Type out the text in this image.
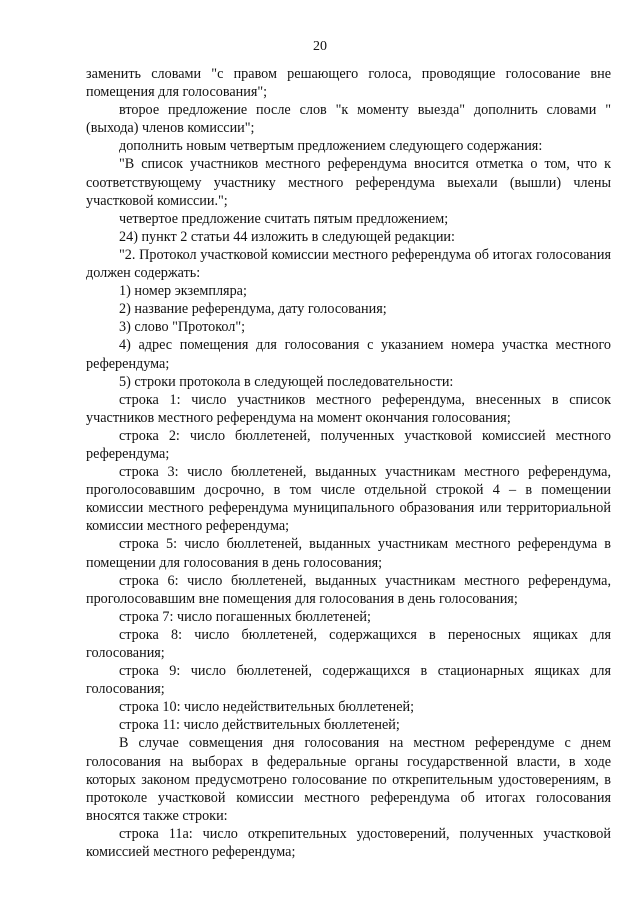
20

заменить словами "с правом решающего голоса, проводящие голосование вне помещения для голосования";

второе предложение после слов "к моменту выезда" дополнить словами "(выхода) членов комиссии";

дополнить новым четвертым предложением следующего содержания:

"В список участников местного референдума вносится отметка о том, что к соответствующему участнику местного референдума выехали (вышли) члены участковой комиссии.";

четвертое предложение считать пятым предложением;

24) пункт 2 статьи 44 изложить в следующей редакции:

"2. Протокол участковой комиссии местного референдума об итогах голосования должен содержать:

1) номер экземпляра;

2) название референдума, дату голосования;

3) слово "Протокол";

4) адрес помещения для голосования с указанием номера участка местного референдума;

5) строки протокола в следующей последовательности:

строка 1: число участников местного референдума, внесенных в список участников местного референдума на момент окончания голосования;

строка 2: число бюллетеней, полученных участковой комиссией местного референдума;

строка 3: число бюллетеней, выданных участникам местного референдума, проголосовавшим досрочно, в том числе отдельной строкой 4 – в помещении комиссии местного референдума муниципального образования или территориальной комиссии местного референдума;

строка 5: число бюллетеней, выданных участникам местного референдума в помещении для голосования в день голосования;

строка 6: число бюллетеней, выданных участникам местного референдума, проголосовавшим вне помещения для голосования в день голосования;

строка 7: число погашенных бюллетеней;

строка 8: число бюллетеней, содержащихся в переносных ящиках для голосования;

строка 9: число бюллетеней, содержащихся в стационарных ящиках для голосования;

строка 10: число недействительных бюллетеней;

строка 11: число действительных бюллетеней;

В случае совмещения дня голосования на местном референдуме с днем голосования на выборах в федеральные органы государственной власти, в ходе которых законом предусмотрено голосование по открепительным удостоверениям, в протоколе участковой комиссии местного референдума об итогах голосования вносятся также строки:

строка 11а: число открепительных удостоверений, полученных участковой комиссией местного референдума;
